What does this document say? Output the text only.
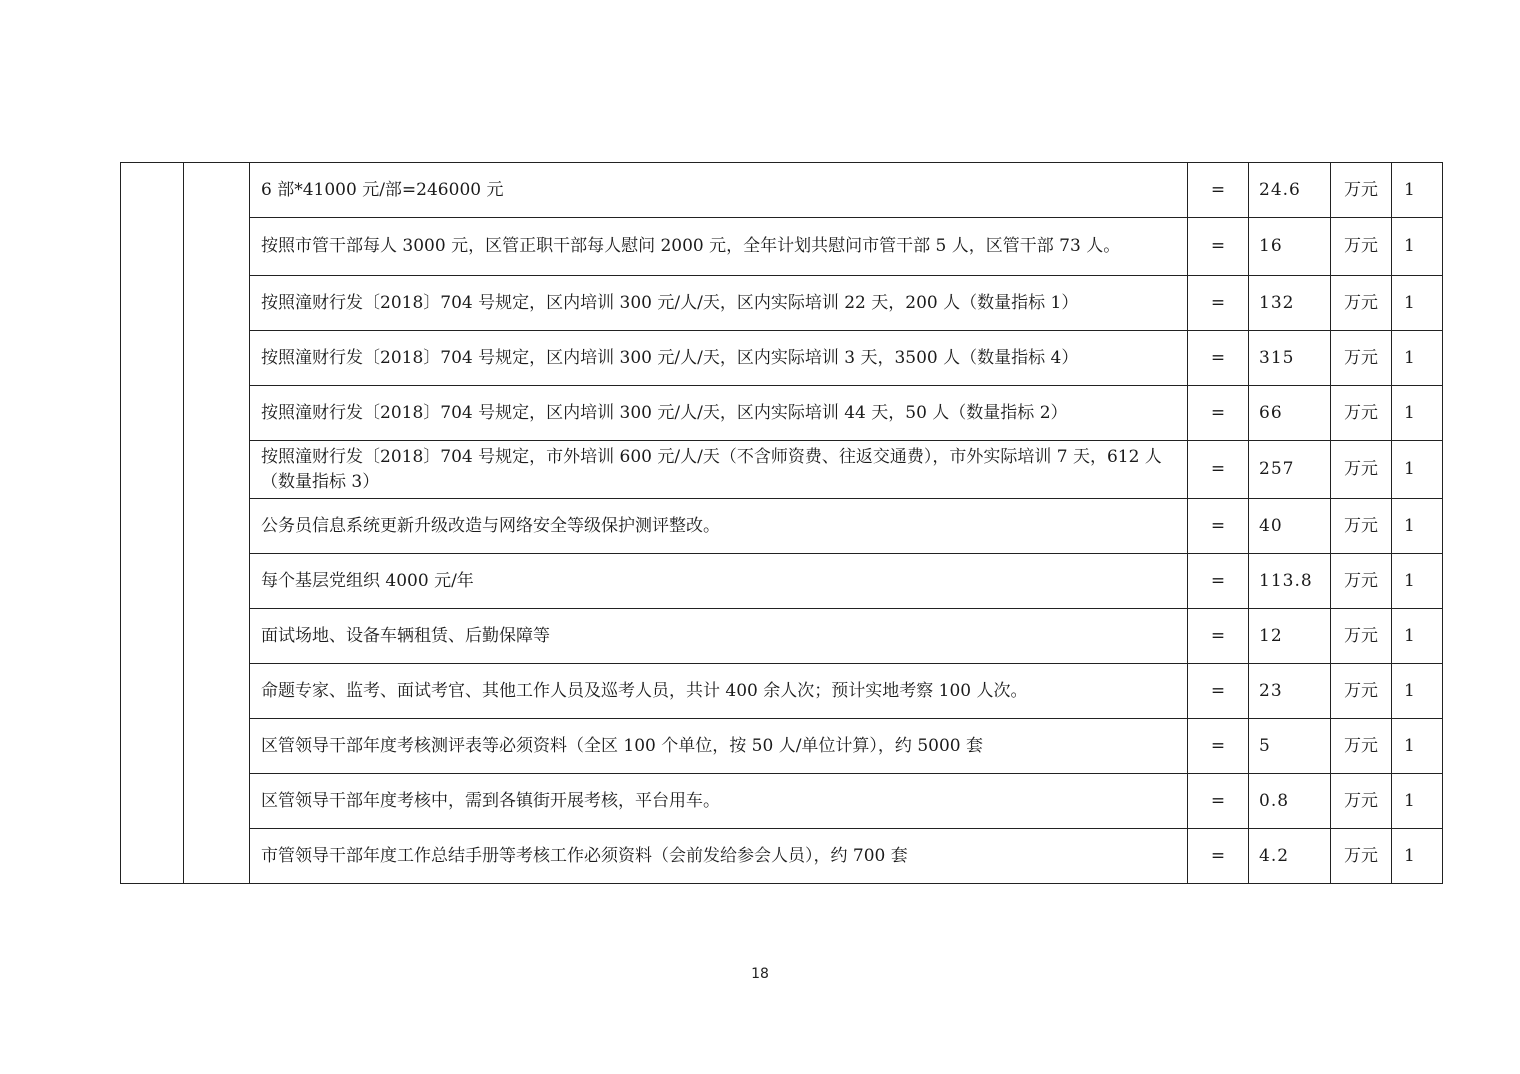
		6 部*41000 元/部=246000 元	=	24.6	万元	1
		按照市管干部每人 3000 元，区管正职干部每人慰问 2000 元，全年计划共慰问市管干部 5 人，区管干部 73 人。	=	16	万元	1
		按照潼财行发〔2018〕704 号规定，区内培训 300 元/人/天，区内实际培训 22 天，200 人（数量指标 1）	=	132	万元	1
		按照潼财行发〔2018〕704 号规定，区内培训 300 元/人/天，区内实际培训 3 天，3500 人（数量指标 4）	=	315	万元	1
		按照潼财行发〔2018〕704 号规定，区内培训 300 元/人/天，区内实际培训 44 天，50 人（数量指标 2）	=	66	万元	1
		按照潼财行发〔2018〕704 号规定，市外培训 600 元/人/天（不含师资费、往返交通费），市外实际培训 7 天，612 人（数量指标 3）	=	257	万元	1
		公务员信息系统更新升级改造与网络安全等级保护测评整改。	=	40	万元	1
		每个基层党组织 4000 元/年	=	113.8	万元	1
		面试场地、设备车辆租赁、后勤保障等	=	12	万元	1
		命题专家、监考、面试考官、其他工作人员及巡考人员，共计 400 余人次；预计实地考察 100 人次。	=	23	万元	1
		区管领导干部年度考核测评表等必须资料（全区 100 个单位，按 50 人/单位计算），约 5000 套	=	5	万元	1
		区管领导干部年度考核中，需到各镇街开展考核，平台用车。	=	0.8	万元	1
		市管领导干部年度工作总结手册等考核工作必须资料（会前发给参会人员），约 700 套	=	4.2	万元	1
18
